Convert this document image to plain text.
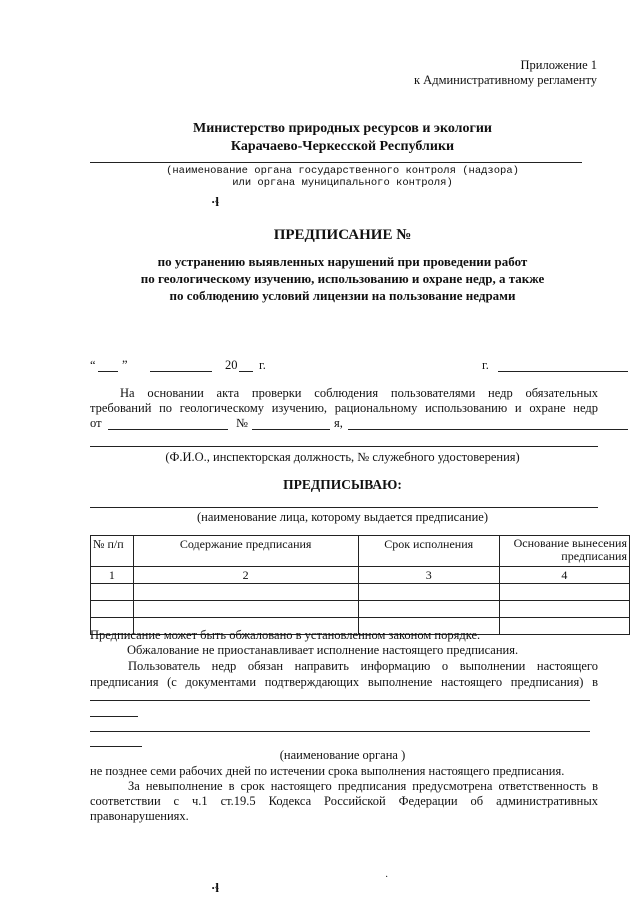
Приложение 1
к Административному регламенту
Министерство природных ресурсов и экологии
Карачаево-Черкесской Республики
(наименование органа государственного контроля (надзора)
или органа муниципального контроля)
·ɬ
ПРЕДПИСАНИЕ №
по устранению выявленных нарушений при проведении работ
по геологическому изучению, использованию и охране недр, а также
по соблюдению условий лицензии на пользование недрами
“ ”	20 г.	г.
На основании акта проверки соблюдения пользователями недр обязательных
требований по геологическому изучению, рациональному использованию и охране недр
от	№	я,
(Ф.И.О., инспекторская должность, № служебного удостоверения)
ПРЕДПИСЫВАЮ:
(наименование лица, которому выдается предписание)
№ п/п	Содержание предписания	Срок исполнения	Основание вынесения предписания
1	2	3	4

Предписание может быть обжаловано в установленном законом порядке.
Обжалование не приостанавливает исполнение настоящего предписания.
Пользователь недр обязан направить информацию о выполнении настоящего
предписания (с документами подтверждающих выполнение настоящего предписания) в
(наименование органа )
не позднее семи рабочих дней по истечении срока выполнения настоящего предписания.
За невыполнение в срок настоящего предписания предусмотрена ответственность в
соответствии с ч.1 ст.19.5 Кодекса Российской Федерации об административных
правонарушениях.
·ɬ
·
